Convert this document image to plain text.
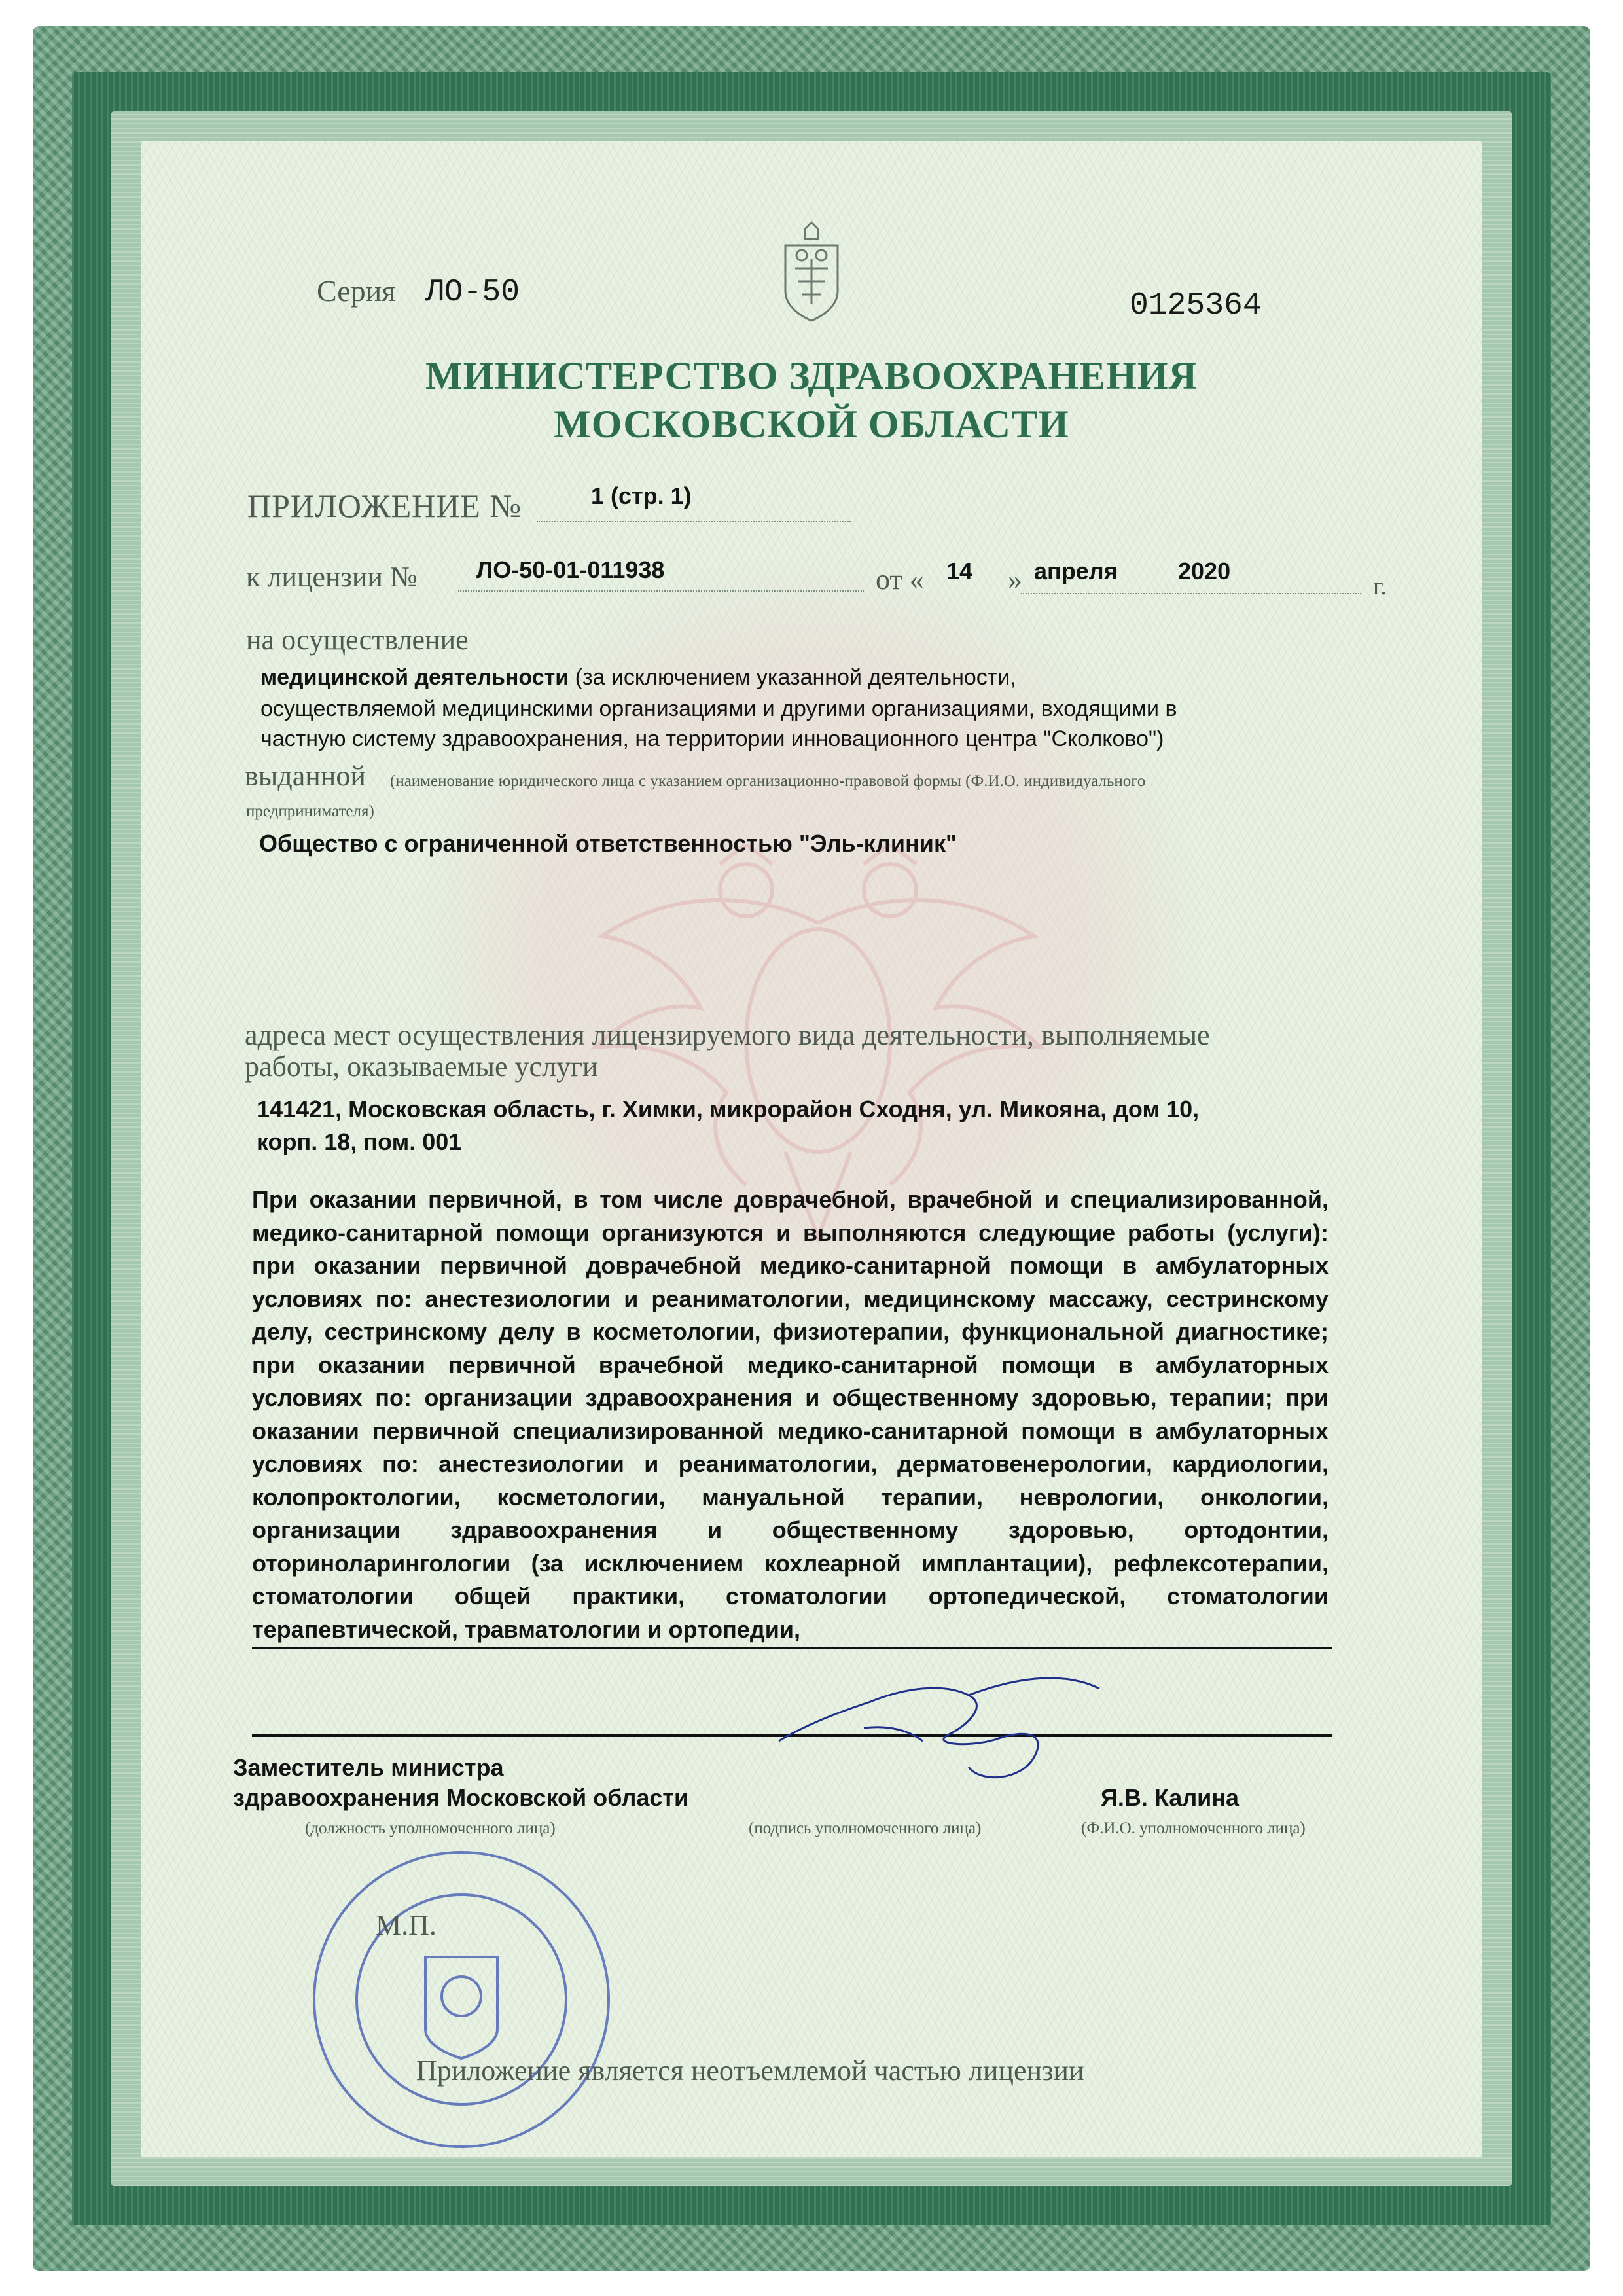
Серия ЛО-50	0125364
МИНИСТЕРСТВО ЗДРАВООХРАНЕНИЯ
МОСКОВСКОЙ ОБЛАСТИ
ПРИЛОЖЕНИЕ №	1 (стр. 1)
к лицензии №	ЛО-50-01-011938	от « 14 » апреля	2020
г.
на осуществление
медицинской деятельности (за исключением указанной деятельности,
осуществляемой медицинскими организациями и другими организациями, входящими в
частную систему здравоохранения, на территории инновационного центра "Сколково")
выданной (наименование юридического лица с указанием организационно-правовой формы (Ф.И.О. индивидуального
предпринимателя)
Общество с ограниченной ответственностью "Эль-клиник"
адреса мест осуществления лицензируемого вида деятельности, выполняемые
работы, оказываемые услуги
141421, Московская область, г. Химки, микрорайон Сходня, ул. Микояна, дом 10,
корп. 18, пом. 001
При оказании первичной, в том числе доврачебной, врачебной и специализированной, медико-санитарной помощи организуются и выполняются следующие работы (услуги): при оказании первичной доврачебной медико-санитарной помощи в амбулаторных условиях по: анестезиологии и реаниматологии, медицинскому массажу, сестринскому делу, сестринскому делу в косметологии, физиотерапии, функциональной диагностике; при оказании первичной врачебной медико-санитарной помощи в амбулаторных условиях по: организации здравоохранения и общественному здоровью, терапии; при оказании первичной специализированной медико-санитарной помощи в амбулаторных условиях по: анестезиологии и реаниматологии, дерматовенерологии, кардиологии, колопроктологии, косметологии, мануальной терапии, неврологии, онкологии, организации здравоохранения и общественному здоровью, ортодонтии, оториноларингологии (за исключением кохлеарной имплантации), рефлексотерапии, стоматологии общей практики, стоматологии ортопедической, стоматологии терапевтической, травматологии и ортопедии,
Заместитель министра
здравоохранения Московской области	Я.В. Калина
(должность уполномоченного лица)	(подпись уполномоченного лица)	(Ф.И.О. уполномоченного лица)
М.П.
Приложение является неотъемлемой частью лицензии
